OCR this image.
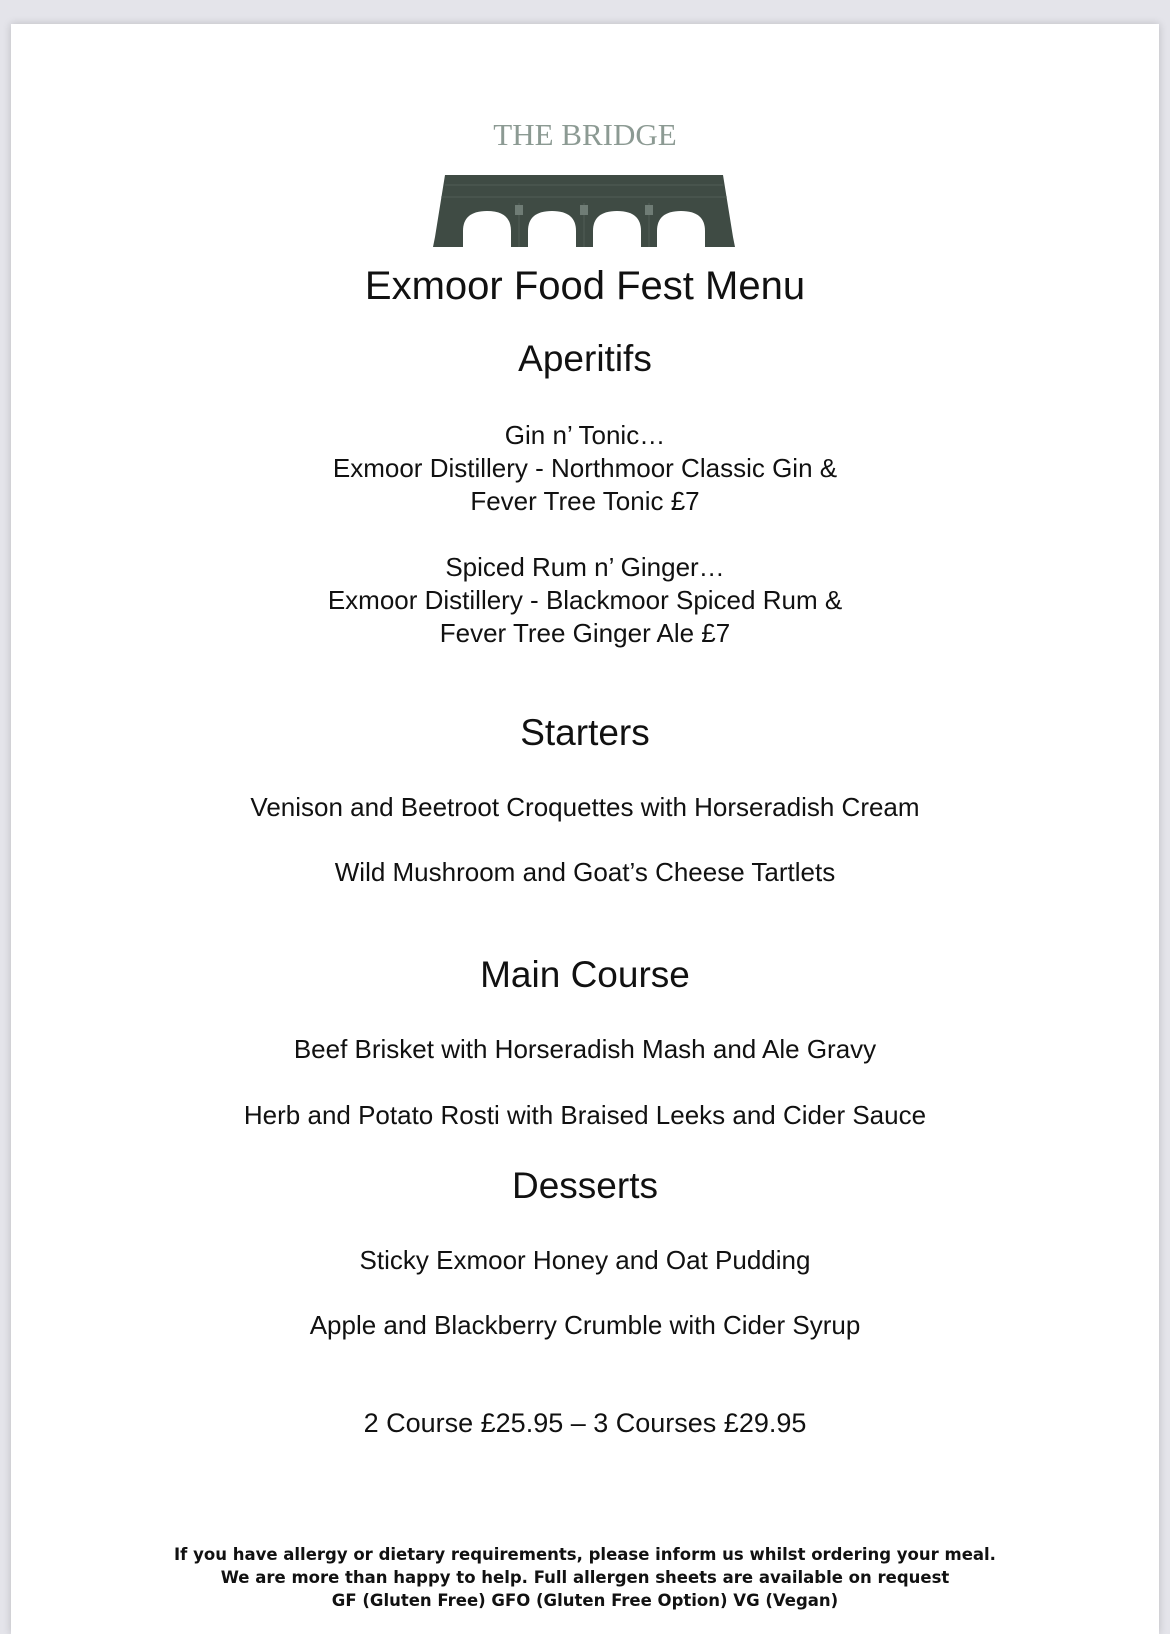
THE BRIDGE
Exmoor Food Fest Menu
Aperitifs
Gin n’ Tonic…
Exmoor Distillery - Northmoor Classic Gin &
Fever Tree Tonic £7
Spiced Rum n’ Ginger…
Exmoor Distillery - Blackmoor Spiced Rum &
Fever Tree Ginger Ale £7
Starters
Venison and Beetroot Croquettes with Horseradish Cream
Wild Mushroom and Goat’s Cheese Tartlets
Main Course
Beef Brisket with Horseradish Mash and Ale Gravy
Herb and Potato Rosti with Braised Leeks and Cider Sauce
Desserts
Sticky Exmoor Honey and Oat Pudding
Apple and Blackberry Crumble with Cider Syrup
2 Course £25.95 – 3 Courses £29.95
If you have allergy or dietary requirements, please inform us whilst ordering your meal.
We are more than happy to help. Full allergen sheets are available on request
GF (Gluten Free) GFO (Gluten Free Option) VG (Vegan)
